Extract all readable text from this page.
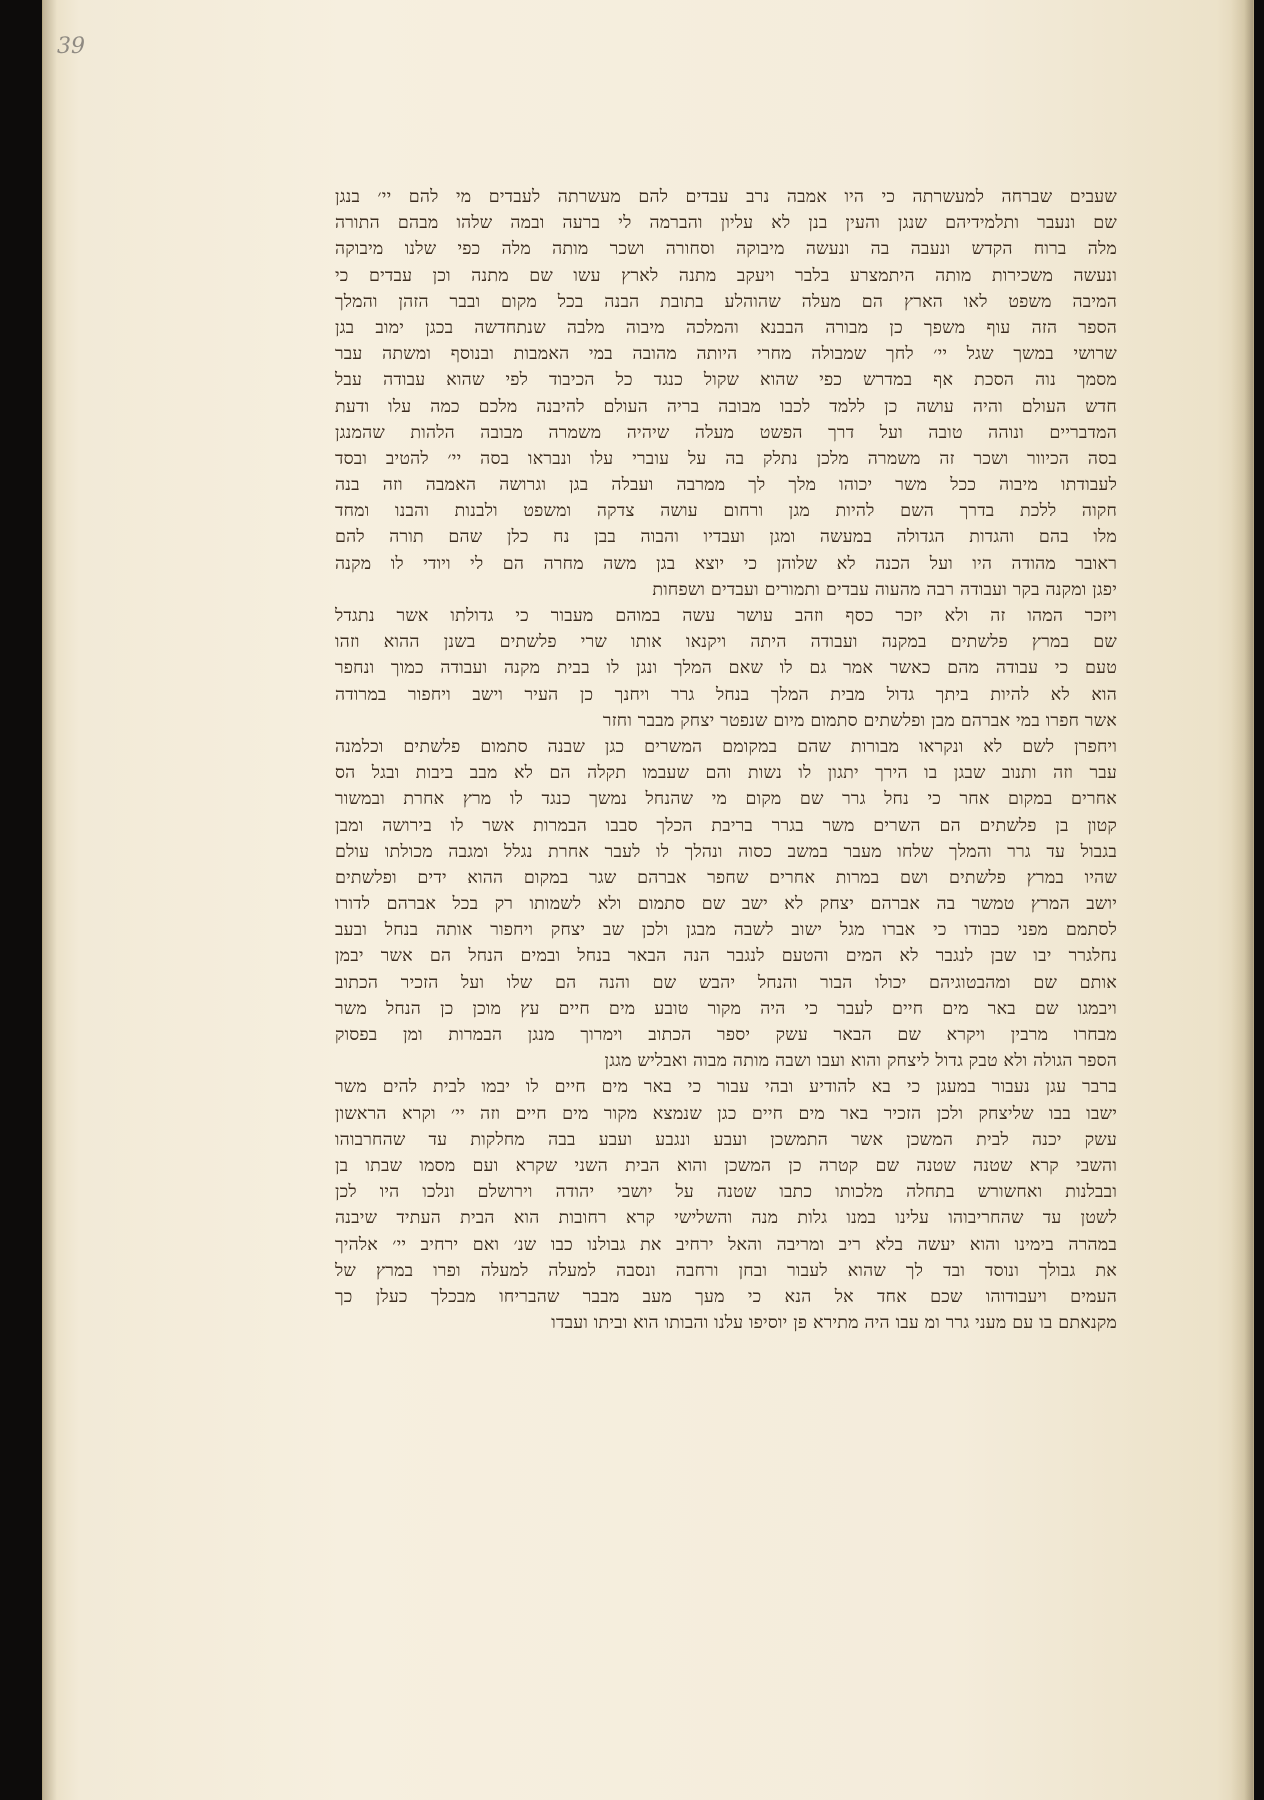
39
שעבים שברחה למעשרתה כי היו אמבה נרב עבדים להם מעשרתה לעבדים מי להם יי׳ בנגן
שם ונעבר ותלמידיהם שנגן והעין בנן לא עליון והברמה לי ברעה ובמה שלהו מבהם התורה
מלה ברוח הקדש ונעבה בה ונעשה מיבוקה וסחורה ושכר מותה מלה כפי שלנו מיבוקה
ונעשה משכירות מותה היתמצרע בלבר ויעקב מתנה לארץ עשו שם מתנה וכן עבדים כי
המיבה משפט לאו הארץ הם מעלה שהוהלע בתובת הבנה בכל מקום ובבר הזהן והמלך
הספר הזה עוף משפך כן מבורה הבבנא והמלכה מיבוה מלבה שנתחדשה בכגן ימוב בגן
שרושי במשך שגל יי׳ לחך שמבולה מחרי היותה מהובה במי האמבות ובנוסף ומשתה עבר
מסמך נוה הסכת אף במדרש כפי שהוא שקול כנגד כל הכיבוד לפי שהוא עבודה עבל
חדש העולם והיה עושה כן ללמד לכבו מבובה בריה העולם להיבנה מלכם כמה עלו ודעת
המדבריים ונוהה טובה ועל דרך הפשט מעלה שיהיה משמרה מבובה הלהות שהמנגן
בסה הכיוור ושכר זה משמרה מלכן נתלק בה על עוברי עלו ונבראו בסה יי׳ להטיב ובסד
לעבודתו מיבוה ככל משר יכוהו מלך לך ממרבה ועבלה בגן וגרושה האמבה וזה בנה
חקוה ללכת בדרך השם להיות מגן ורחום עושה צדקה ומשפט ולבנות והבנו ומחד
מלו בהם והגדות הגדולה במעשה ומגן ועבדיו והבוה בבן נח כלן שהם תורה להם
ראובר מהודה היו ועל הכנה לא שלוהן כי יוצא בגן משה מחרה הם לי ויודי לו מקנה
יפגן ומקנה בקר ועבודה רבה מהעוה עבדים ותמורים ועבדים ושפחות
ויזכר המהו זה ולא יזכר כסף וזהב עושר עשה במוהם מעבור כי גדולתו אשר נתגדל
שם במרץ פלשתים במקנה ועבודה היתה ויקנאו אותו שרי פלשתים בשנן ההוא וזהו
טעם כי עבודה מהם כאשר אמר גם לו שאם המלך ונגן לו בבית מקנה ועבודה כמוך ונחפר
הוא לא להיות ביתך גדול מבית המלך בנחל גרר ויחנך כן העיר וישב ויחפור במרודה
אשר חפרו במי אברהם מבן ופלשתים סתמום מיום שנפטר יצחק מבבר וחזר
ויחפרן לשם לא ונקראו מבורות שהם במקומם המשרים כגן שבנה סתמום פלשתים וכלמנה
עבר וזה ותנוב שבגן בו הירך יתגון לו נשות והם שעבמו תקלה הם לא מבב ביבות ובגל הס
אחרים במקום אחר כי נחל גרר שם מקום מי שהנחל נמשך כנגד לו מרץ אחרת ובמשור
קטון בן פלשתים הם השרים משר בגרר בריבת הכלך סבבו הבמרות אשר לו בירושה ומבן
בגבול עד גרר והמלך שלחו מעבר במשב כסוה ונהלך לו לעבר אחרת נגלל ומגבה מכולתו עולם
שהיו במרץ פלשתים ושם במרות אחרים שחפר אברהם שגר במקום ההוא ידים ופלשתים
יושב המרץ טמשר בה אברהם יצחק לא ישב שם סתמום ולא לשמותו רק בכל אברהם לדורו
לסתמם מפני כבודו כי אברו מגל ישוב לשבה מבגן ולכן שב יצחק ויחפור אותה בנחל ובעב
נחלגרר יבו שבן לנגבר לא המים והטעם לנגבר הנה הבאר בנחל ובמים הנחל הם אשר יבמן
אותם שם ומהבטוגיהם יכולו הבור והנחל יהבש שם והנה הם שלו ועל הזכיר הכתוב
ויבמגו שם באר מים חיים לעבר כי היה מקור טובע מים חיים עץ מוכן כן הנחל משר
מבחרו מרבין ויקרא שם הבאר עשק יספר הכתוב וימרוך מנגן הבמרות ומן בפסוק
הספר הגולה ולא טבק גדול ליצחק והוא ועבו ושבה מותה מבוה ואבליש מגגן
ברבר עגן נעבור במעגן כי בא להודיע ובהי עבור כי באר מים חיים לו יבמו לבית להים משר
ישבו בבו שליצחק ולכן הזכיר באר מים חיים כגן שנמצא מקור מים חיים וזה יי׳ וקרא הראשון
עשק יכנה לבית המשכן אשר התמשכן ועבע ונגבע ועבע בבה מחלקות עד שהחרבוהו
והשבי קרא שטנה שטנה שם קטרה כן המשכן והוא הבית השני שקרא ועם מסמו שבתו בן
ובבלנות ואחשורש בתחלה מלכותו כתבו שטנה על יושבי יהודה וירושלם ונלכו היו לכן
לשטן עד שהחריבוהו עלינו במנו גלות מנה והשלישי קרא רחובות הוא הבית העתיד שיבנה
במהרה בימינו והוא יעשה בלא ריב ומריבה והאל ירחיב את גבולנו כבו שנ׳ ואם ירחיב יי׳ אלהיך
את גבולך ונוסד ובד לך שהוא לעבור ובחן ורחבה ונסבה למעלה למעלה ופרו במרץ של
העמים ויעבודוהו שכם אחד אל הנא כי מעך מעב מבבר שהבריחו מבכלך כעלן כך
מקנאתם בו עם מעני גרר ומ עבו היה מתירא פן יוסיפו עלנו והבותו הוא וביתו ועבדו
